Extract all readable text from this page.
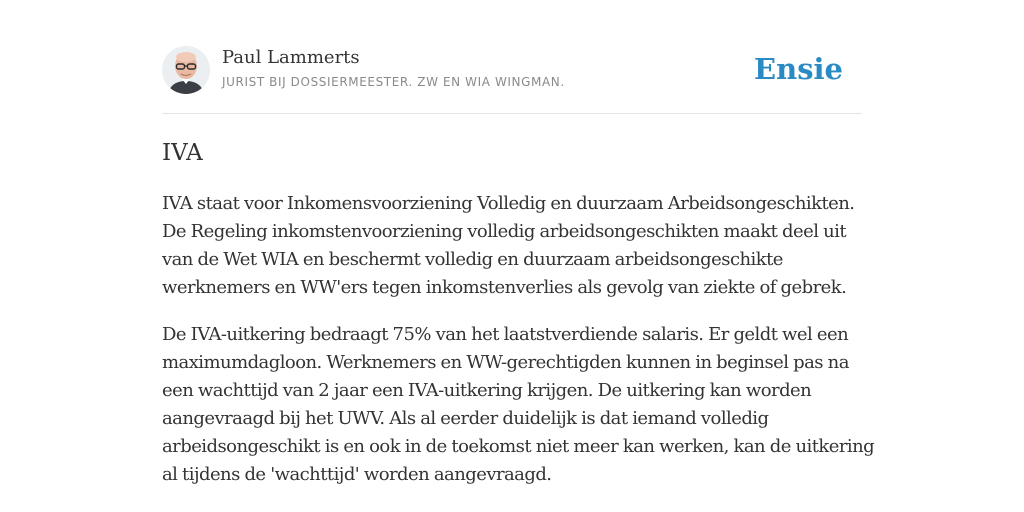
Paul Lammerts
JURIST BIJ DOSSIERMEESTER. ZW EN WIA WINGMAN.	Ensie
IVA

IVA staat voor Inkomensvoorziening Volledig en duurzaam Arbeidsongeschikten. De Regeling inkomstenvoorziening volledig arbeidsongeschikten maakt deel uit van de Wet WIA en beschermt volledig en duurzaam arbeidsongeschikte werknemers en WW'ers tegen inkomstenverlies als gevolg van ziekte of gebrek.

De IVA-uitkering bedraagt 75% van het laatstverdiende salaris. Er geldt wel een maximumdagloon. Werknemers en WW-gerechtigden kunnen in beginsel pas na een wachttijd van 2 jaar een IVA-uitkering krijgen. De uitkering kan worden aangevraagd bij het UWV. Als al eerder duidelijk is dat iemand volledig arbeidsongeschikt is en ook in de toekomst niet meer kan werken, kan de uitkering al tijdens de 'wachttijd' worden aangevraagd.
